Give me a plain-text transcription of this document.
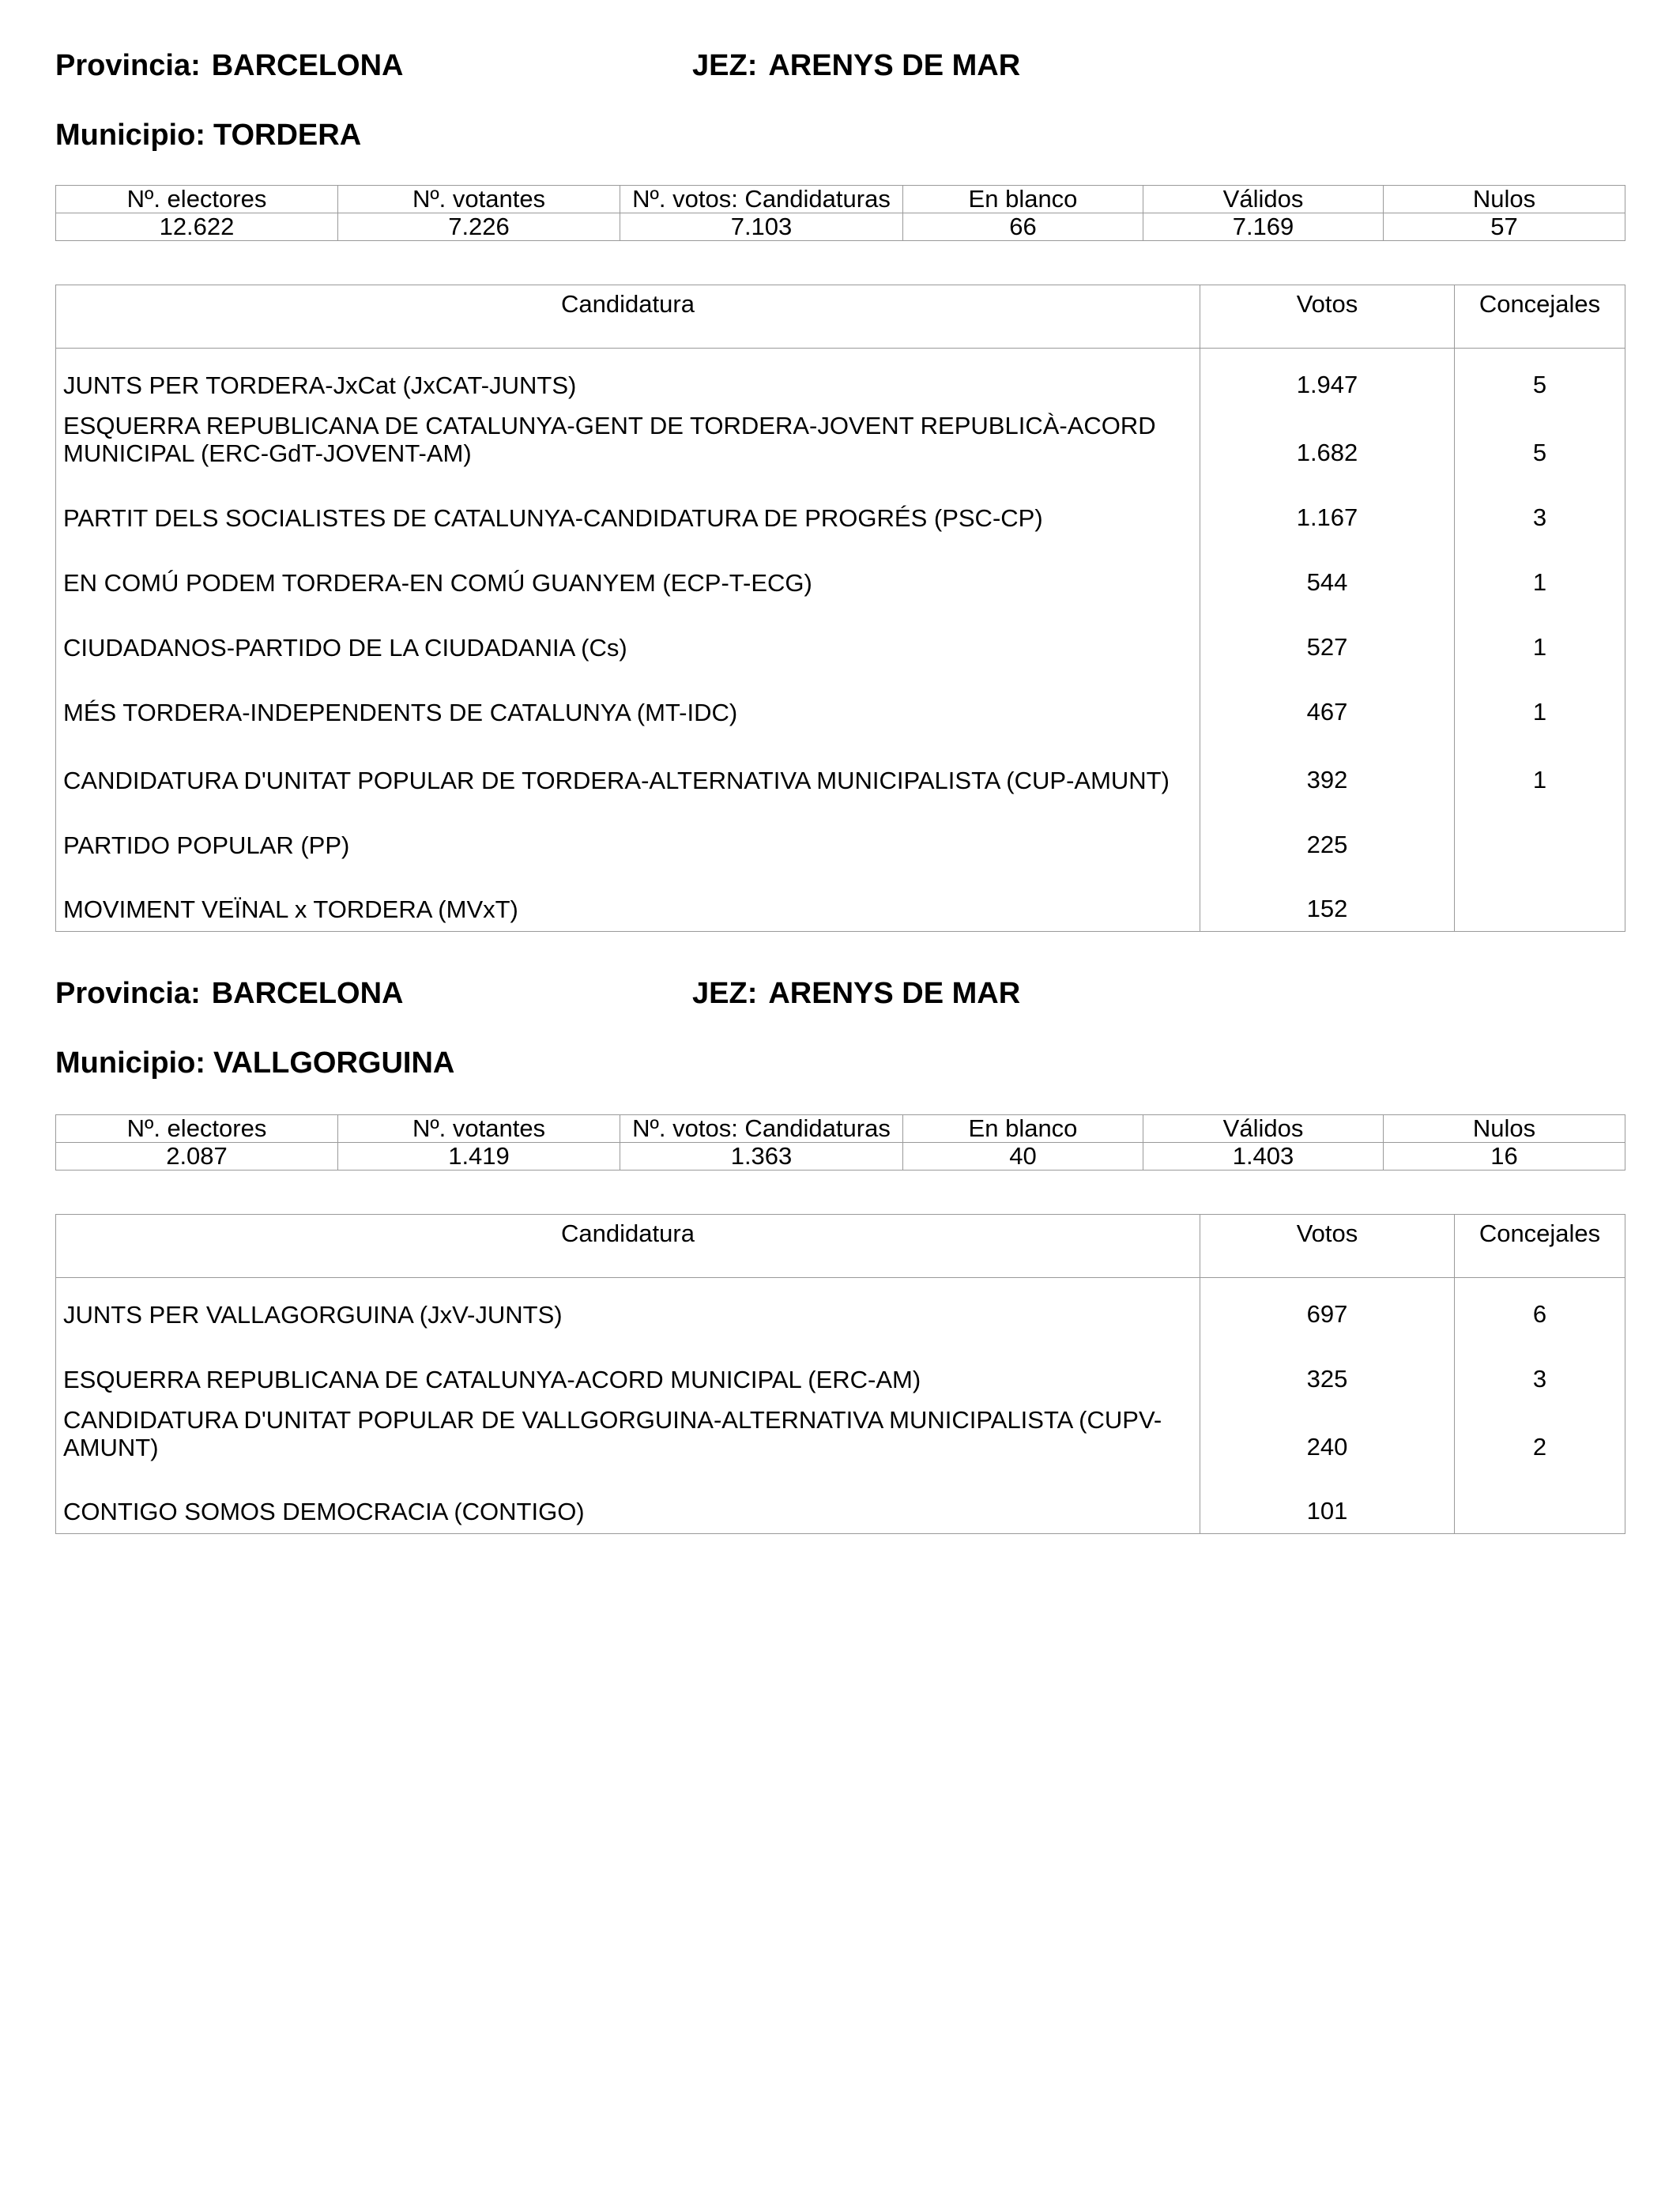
Provincia: BARCELONA	JEZ: ARENYS DE MAR
Municipio: TORDERA
Nº. electores	Nº. votantes	Nº. votos: Candidaturas	En blanco	Válidos	Nulos
12.622	7.226	7.103	66	7.169	57
Candidatura	Votos	Concejales
JUNTS PER TORDERA-JxCat (JxCAT-JUNTS)	1.947	5
ESQUERRA REPUBLICANA DE CATALUNYA-GENT DE TORDERA-JOVENT REPUBLICÀ-ACORD MUNICIPAL (ERC-GdT-JOVENT-AM)	1.682	5
PARTIT DELS SOCIALISTES DE CATALUNYA-CANDIDATURA DE PROGRÉS (PSC-CP)	1.167	3
EN COMÚ PODEM TORDERA-EN COMÚ GUANYEM (ECP-T-ECG)	544	1
CIUDADANOS-PARTIDO DE LA CIUDADANIA (Cs)	527	1
MÉS TORDERA-INDEPENDENTS DE CATALUNYA (MT-IDC)	467	1
CANDIDATURA D'UNITAT POPULAR DE TORDERA-ALTERNATIVA MUNICIPALISTA (CUP-AMUNT)	392	1
PARTIDO POPULAR (PP)	225	
MOVIMENT VEÏNAL x TORDERA (MVxT)	152	
Provincia: BARCELONA	JEZ: ARENYS DE MAR
Municipio: VALLGORGUINA
Nº. electores	Nº. votantes	Nº. votos: Candidaturas	En blanco	Válidos	Nulos
2.087	1.419	1.363	40	1.403	16
Candidatura	Votos	Concejales
JUNTS PER VALLAGORGUINA (JxV-JUNTS)	697	6
ESQUERRA REPUBLICANA DE CATALUNYA-ACORD MUNICIPAL (ERC-AM)	325	3
CANDIDATURA D'UNITAT POPULAR DE VALLGORGUINA-ALTERNATIVA MUNICIPALISTA (CUPV-AMUNT)	240	2
CONTIGO SOMOS DEMOCRACIA (CONTIGO)	101	
